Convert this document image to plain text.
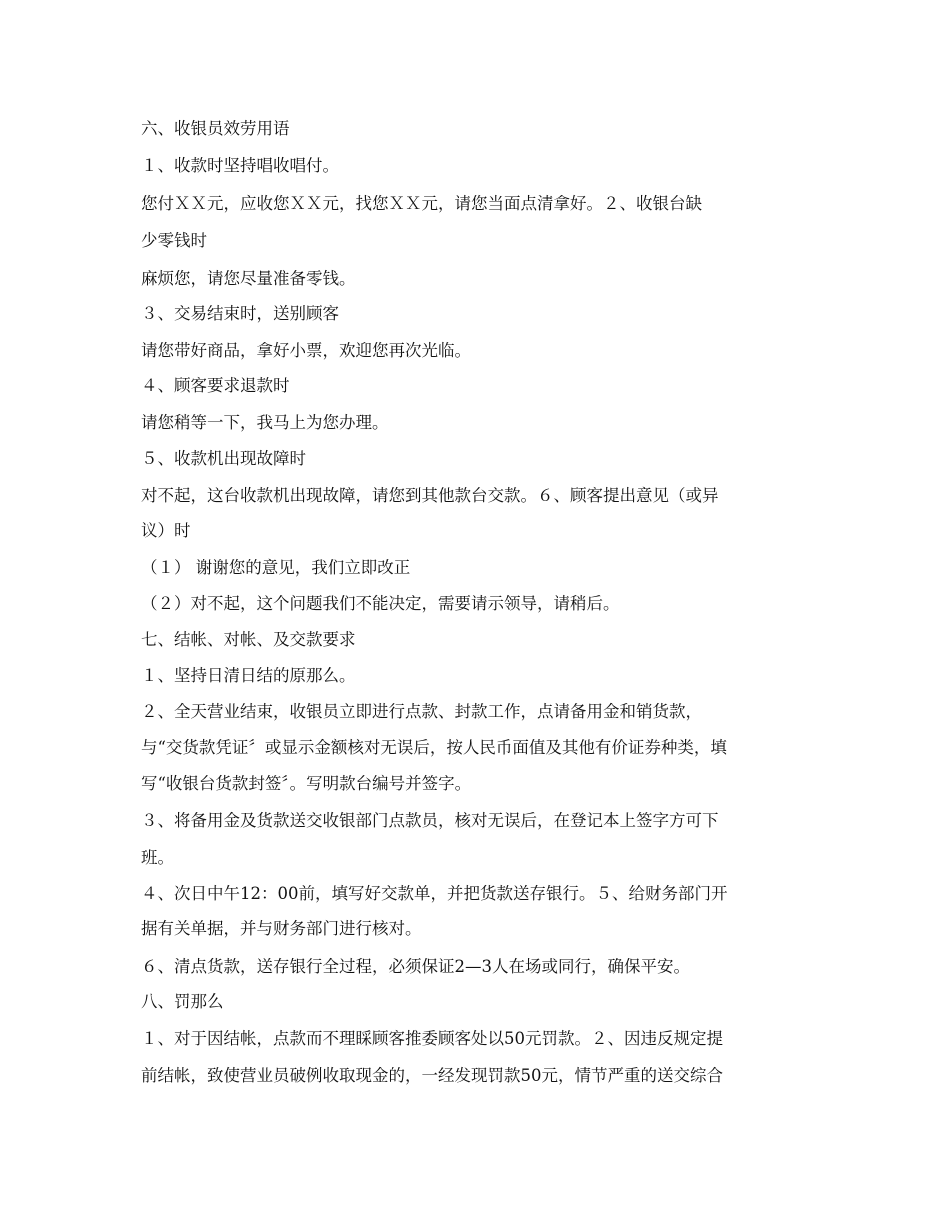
六、收银员效劳用语
１、收款时坚持唱收唱付。
您付ＸＸ元，应收您ＸＸ元，找您ＸＸ元，请您当面点清拿好。２、收银台缺
少零钱时
麻烦您，请您尽量准备零钱。
３、交易结束时，送别顾客
请您带好商品，拿好小票，欢迎您再次光临。
４、顾客要求退款时
请您稍等一下，我马上为您办理。
５、收款机出现故障时
对不起，这台收款机出现故障，请您到其他款台交款。６、顾客提出意见（或异
议）时
（１） 谢谢您的意见，我们立即改正
（２）对不起，这个问题我们不能决定，需要请示领导，请稍后。
七、结帐、对帐、及交款要求
１、坚持日清日结的原那么。
２、全天营业结束，收银员立即进行点款、封款工作，点请备用金和销货款，
与“交货款凭证〞或显示金额核对无误后，按人民币面值及其他有价证券种类，填
写“收银台货款封签〞。写明款台编号并签字。
３、将备用金及货款送交收银部门点款员，核对无误后，在登记本上签字方可下
班。
４、次日中午12：00前，填写好交款单，并把货款送存银行。５、给财务部门开
据有关单据，并与财务部门进行核对。
６、清点货款，送存银行全过程，必须保证2—3人在场或同行，确保平安。
八、罚那么
１、对于因结帐，点款而不理睬顾客推委顾客处以50元罚款。２、因违反规定提
前结帐，致使营业员破例收取现金的，一经发现罚款50元，情节严重的送交综合
